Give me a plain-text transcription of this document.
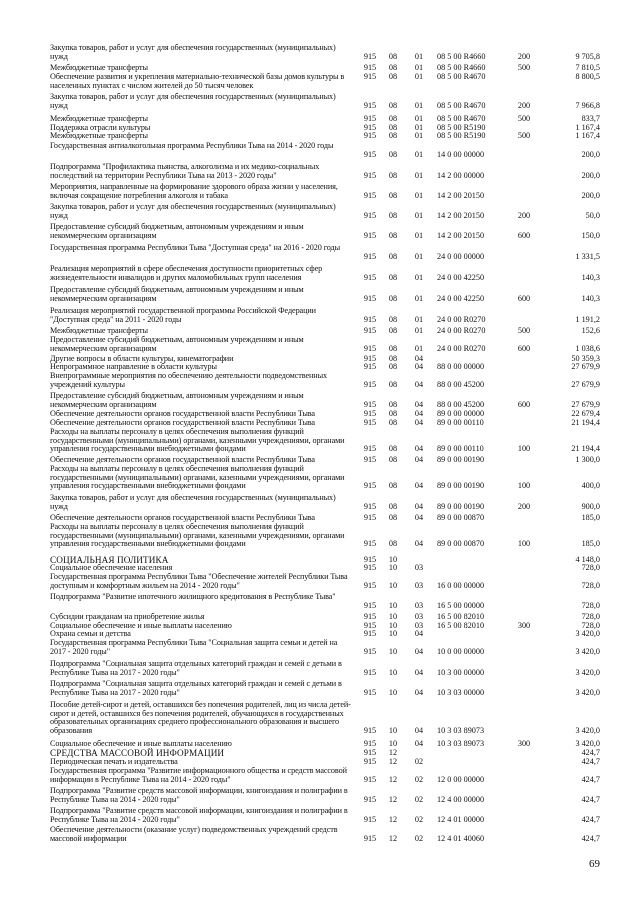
Закупка товаров, работ и услуг для обеспечения государственных (муниципальных) нужд	915	08	01	08 5 00 R4660	200	9 705,8
Межбюджетные трансферты	915	08	01	08 5 00 R4660	500	7 810,5
Обеспечение развития и укрепления материально-технической базы домов культуры в населенных пунктах с числом жителей до 50 тысяч человек
915	08	01	08 5 00 R4670	8 800,5
Закупка товаров, работ и услуг для обеспечения государственных (муниципальных) нужд	915	08	01	08 5 00 R4670	200	7 966,8
Межбюджетные трансферты	915	08	01	08 5 00 R4670	500	833,7
Поддержка отрасли культуры	915	08	01	08 5 00 R5190	1 167,4
Межбюджетные трансферты	915	08	01	08 5 00 R5190	500	1 167,4
Государственная антиалкогольная программа Республики Тыва на 2014 - 2020 годы
915	08	01	14 0 00 00000	200,0
Подпрограмма "Профилактика пьянства, алкоголизма и их медико-социальных последствий на территории Республики Тыва на 2013 - 2020 годы"	915	08	01	14 2 00 00000	200,0
Мероприятия, направленные на формирование здорового образа жизни у населения, включая сокращение потребления алкоголя и табака	915	08	01	14 2 00 20150	200,0
Закупка товаров, работ и услуг для обеспечения государственных (муниципальных) нужд	915	08	01	14 2 00 20150	200	50,0
Предоставление субсидий бюджетным, автономным учреждениям и иным некоммерческим организациям	915	08	01	14 2 00 20150	600	150,0
Государственная программа Республики Тыва "Доступная среда" на 2016 - 2020 годы
915	08	01	24 0 00 00000	1 331,5
Реализация мероприятий в сфере обеспечения доступности приоритетных сфер жизнедеятельности инвалидов и других маломобильных групп населения	915	08	01	24 0 00 42250	140,3
Предоставление субсидий бюджетным, автономным учреждениям и иным некоммерческим организациям	915	08	01	24 0 00 42250	600	140,3
Реализация мероприятий государственной программы Российской Федерации "Доступная среда" на 2011 - 2020 годы	915	08	01	24 0 00 R0270	1 191,2
Межбюджетные трансферты	915	08	01	24 0 00 R0270	500	152,6
Предоставление субсидий бюджетным, автономным учреждениям и иным некоммерческим организациям	915	08	01	24 0 00 R0270	600	1 038,6
Другие вопросы в области культуры, кинематографии	915	08	04	50 359,3
Непрограммное направление в области культуры	915	08	04	88 0 00 00000	27 679,9
Внепрограммные мероприятия по обеспечению деятельности подведомственных учреждений культуры	915	08	04	88 0 00 45200	27 679,9
Предоставление субсидий бюджетным, автономным учреждениям и иным некоммерческим организациям	915	08	04	88 0 00 45200	600	27 679,9
Обеспечение деятельности органов государственной власти Республики Тыва	915	08	04	89 0 00 00000	22 679,4
Обеспечение деятельности органов государственной власти Республики Тыва	915	08	04	89 0 00 00110	21 194,4
Расходы на выплаты персоналу в целях обеспечения выполнения функций государственными (муниципальными) органами, казенными учреждениями, органами управления государственными внебюджетными фондами	915	08	04	89 0 00 00110	100	21 194,4
Обеспечение деятельности органов государственной власти Республики Тыва	915	08	04	89 0 00 00190	1 300,0
Расходы на выплаты персоналу в целях обеспечения выполнения функций государственными (муниципальными) органами, казенными учреждениями, органами управления государственными внебюджетными фондами	915	08	04	89 0 00 00190	100	400,0
Закупка товаров, работ и услуг для обеспечения государственных (муниципальных) нужд	915	08	04	89 0 00 00190	200	900,0
Обеспечение деятельности органов государственной власти Республики Тыва	915	08	04	89 0 00 00870	185,0
Расходы на выплаты персоналу в целях обеспечения выполнения функций государственными (муниципальными) органами, казенными учреждениями, органами управления государственными внебюджетными фондами	915	08	04	89 0 00 00870	100	185,0
СОЦИАЛЬНАЯ ПОЛИТИКА	915	10	4 148,0
Социальное обеспечение населения	915	10	03	728,0
Государственная программа Республики Тыва "Обеспечение жителей Республики Тыва доступным и комфортным жильем на 2014 - 2020 годы"	915	10	03	16 0 00 00000	728,0
Подпрограмма "Развитие ипотечного жилищного кредитования в Республике Тыва"
915	10	03	16 5 00 00000	728,0
Субсидии гражданам на приобретение жилья	915	10	03	16 5 00 82010	728,0
Социальное обеспечение и иные выплаты населению	915	10	03	16 5 00 82010	300	728,0
Охрана семьи и детства	915	10	04	3 420,0
Государственная программа Республики Тыва "Социальная защита семьи и детей на 2017 - 2020 годы"	915	10	04	10 0 00 00000	3 420,0
Подпрограмма "Социальная защита отдельных категорий граждан и семей с детьми в Республике Тыва на 2017 - 2020 годы"	915	10	04	10 3 00 00000	3 420,0
Подпрограмма "Социальная защита отдельных категорий граждан и семей с детьми в Республике Тыва на 2017 - 2020 годы"	915	10	04	10 3 03 00000	3 420,0
Пособие детей-сирот и детей, оставшихся без попечения родителей, лиц из числа детей-сирот и детей, оставшихся без попечения родителей, обучающихся в государственных образовательных организациях среднего профессионального образования и высшего образования	915	10	04	10 3 03 89073	3 420,0
Социальное обеспечение и иные выплаты населению	915	10	04	10 3 03 89073	300	3 420,0
СРЕДСТВА МАССОВОЙ ИНФОРМАЦИИ	915	12	424,7
Периодическая печать и издательства	915	12	02	424,7
Государственная программа "Развитие информационного общества и средств массовой информации в Республике Тыва на 2014 - 2020 годы"	915	12	02	12 0 00 00000	424,7
Подпрограмма "Развитие средств массовой информации, книгоиздания и полиграфии в Республике Тыва на 2014 - 2020 годы"	915	12	02	12 4 00 00000	424,7
Подпрограмма "Развитие средств массовой информации, книгоиздания и полиграфии в Республике Тыва на 2014 - 2020 годы"	915	12	02	12 4 01 00000	424,7
Обеспечение деятельности (оказание услуг) подведомственных учреждений средств массовой информации	915	12	02	12 4 01 40060	424,7
69
